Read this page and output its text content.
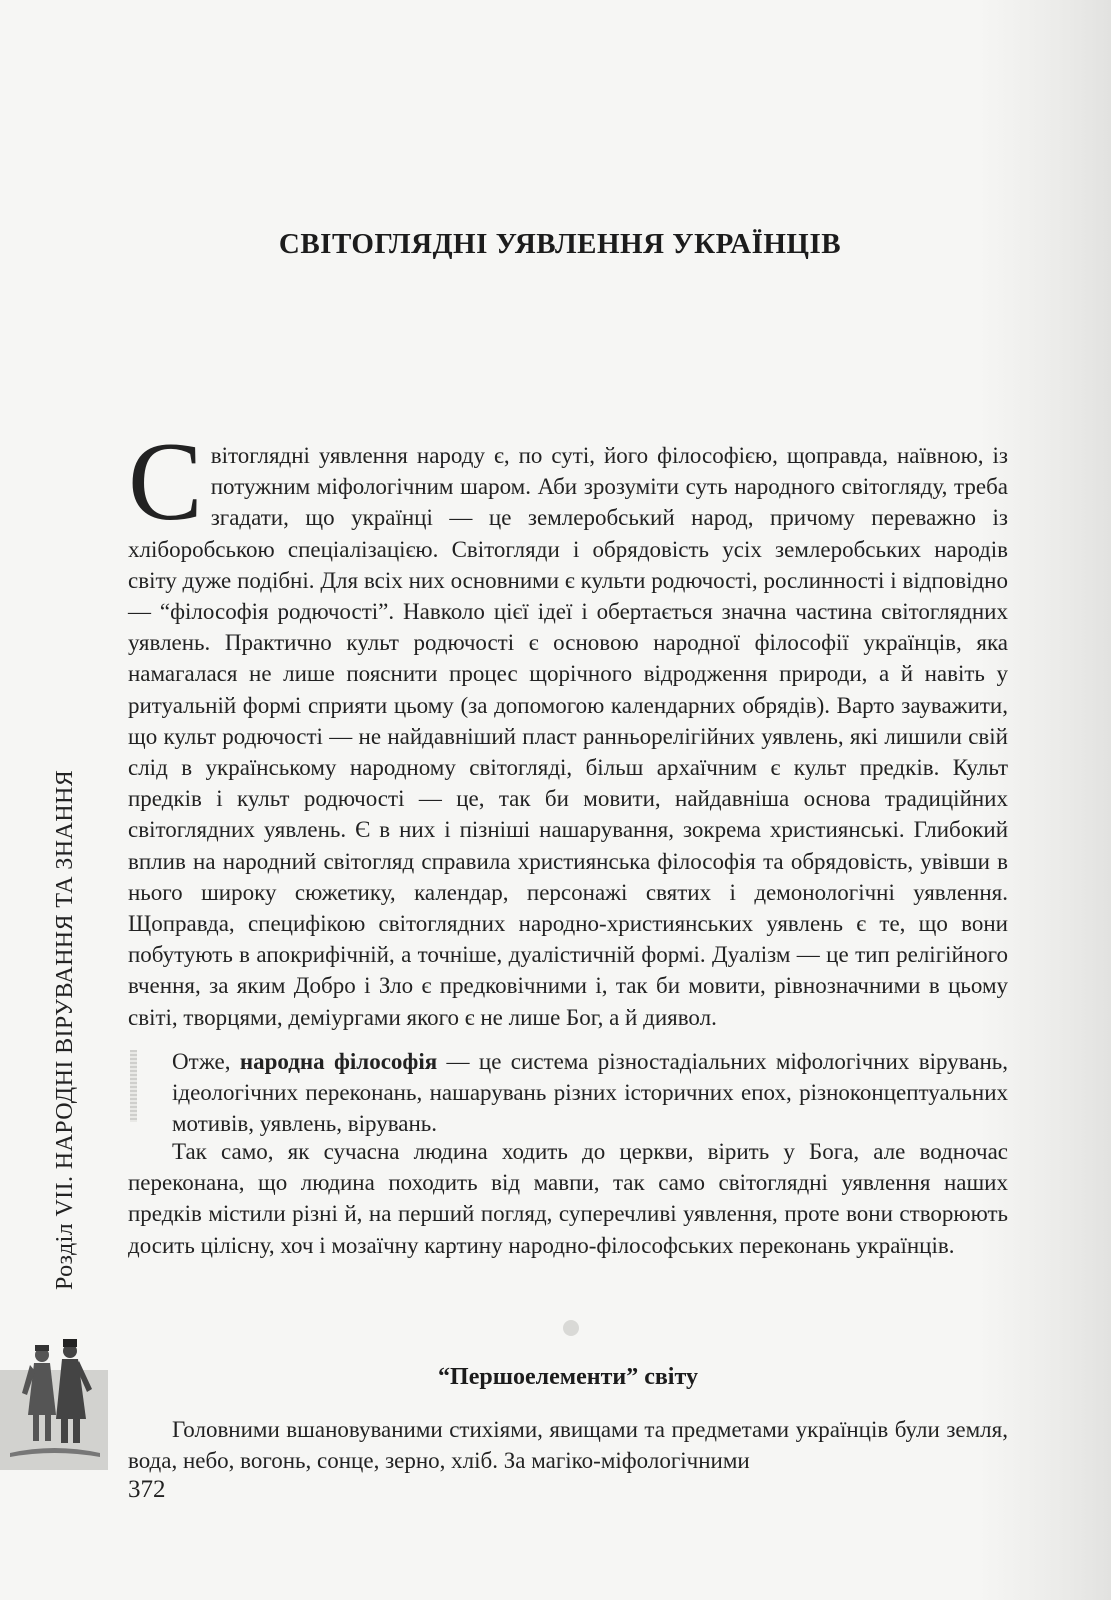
СВІТОГЛЯДНІ УЯВЛЕННЯ УКРАЇНЦІВ
Світоглядні уявлення народу є, по суті, його філософією, щоправда, наївною, із потужним міфологічним шаром. Аби зрозуміти суть народного світогляду, треба згадати, що українці — це землеробський народ, причому переважно із хліборобською спеціалізацією. Світогляди і обрядовість усіх землеробських народів світу дуже подібні. Для всіх них основними є культи родючості, рослинності і відповідно — “філософія родючості”. Навколо цієї ідеї і обертається значна частина світоглядних уявлень. Практично культ родючості є основою народної філософії українців, яка намагалася не лише пояснити процес щорічного відродження природи, а й навіть у ритуальній формі сприяти цьому (за допомогою календарних обрядів). Варто зауважити, що культ родючості — не найдавніший пласт ранньорелігійних уявлень, які лишили свій слід в українському народному світогляді, більш архаїчним є культ предків. Культ предків і культ родючості — це, так би мовити, найдавніша основа традиційних світоглядних уявлень. Є в них і пізніші нашарування, зокрема християнські. Глибокий вплив на народний світогляд справила християнська філософія та обрядовість, увівши в нього широку сюжетику, календар, персонажі святих і демонологічні уявлення. Щоправда, специфікою світоглядних народно-християнських уявлень є те, що вони побутують в апокрифічній, а точніше, дуалістичній формі. Дуалізм — це тип релігійного вчення, за яким Добро і Зло є предковічними і, так би мовити, рівнозначними в цьому світі, творцями, деміургами якого є не лише Бог, а й диявол.
Отже, народна філософія — це система різностадіальних міфологічних вірувань, ідеологічних переконань, нашарувань різних історичних епох, різноконцептуальних мотивів, уявлень, вірувань.
Так само, як сучасна людина ходить до церкви, вірить у Бога, але водночас переконана, що людина походить від мавпи, так само світоглядні уявлення наших предків містили різні й, на перший погляд, суперечливі уявлення, проте вони створюють досить цілісну, хоч і мозаїчну картину народно-філософських переконань українців.
“Першоелементи” світу
Головними вшановуваними стихіями, явищами та предметами українців були земля, вода, небо, вогонь, сонце, зерно, хліб. За магіко-міфологічними
372
Розділ VII. НАРОДНІ ВІРУВАННЯ ТА ЗНАННЯ
